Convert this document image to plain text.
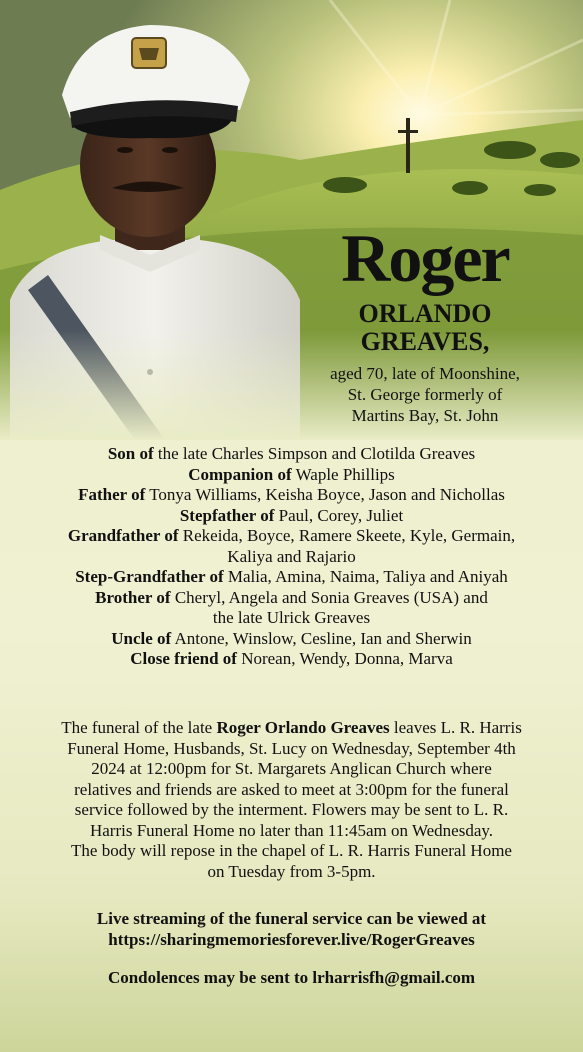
Roger
ORLANDO
GREAVES,
aged 70, late of Moonshine,
St. George formerly of
Martins Bay, St. John
Son of the late Charles Simpson and Clotilda Greaves
Companion of Waple Phillips
Father of Tonya Williams, Keisha Boyce, Jason and Nichollas
Stepfather of Paul, Corey, Juliet
Grandfather of Rekeida, Boyce, Ramere Skeete, Kyle, Germain,
Kaliya and Rajario
Step-Grandfather of Malia, Amina, Naima, Taliya and Aniyah
Brother of Cheryl, Angela and Sonia Greaves (USA) and
the late Ulrick Greaves
Uncle of Antone, Winslow, Cesline, Ian and Sherwin
Close friend of Norean, Wendy, Donna, Marva
The funeral of the late Roger Orlando Greaves leaves L. R. Harris
Funeral Home, Husbands, St. Lucy on Wednesday, September 4th
2024 at 12:00pm for St. Margarets Anglican Church where
relatives and friends are asked to meet at 3:00pm for the funeral
service followed by the interment. Flowers may be sent to L. R.
Harris Funeral Home no later than 11:45am on Wednesday.
The body will repose in the chapel of L. R. Harris Funeral Home
on Tuesday from 3-5pm.
Live streaming of the funeral service can be viewed at
https://sharingmemoriesforever.live/RogerGreaves
Condolences may be sent to lrharrisfh@gmail.com
